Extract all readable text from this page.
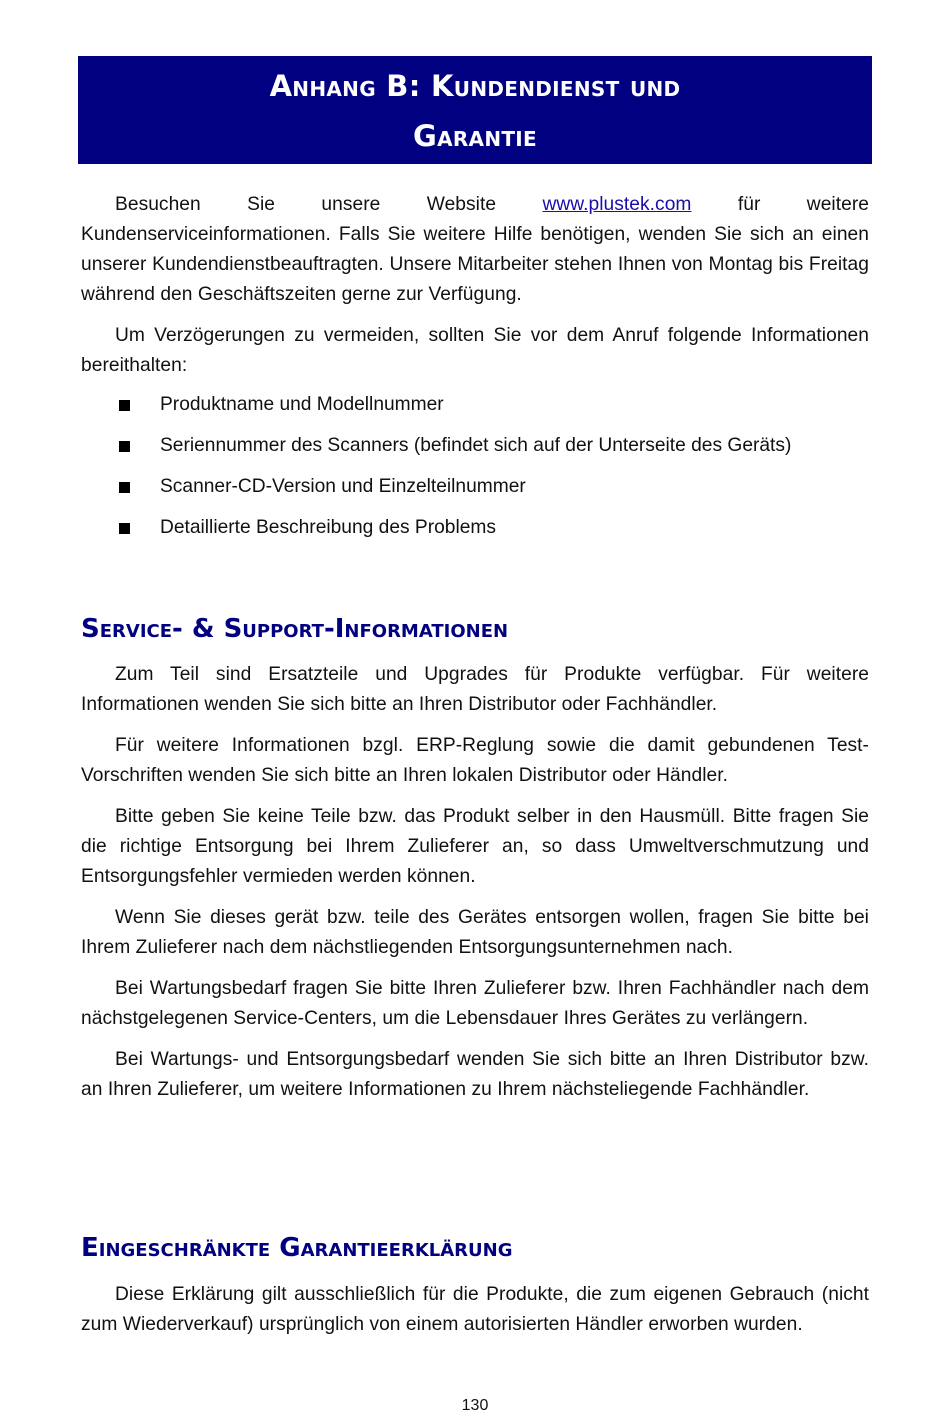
Anhang B: Kundendienst und
Garantie

Besuchen Sie unsere Website www.plustek.com für weitere Kundenserviceinformationen. Falls Sie weitere Hilfe benötigen, wenden Sie sich an einen unserer Kundendienstbeauftragten. Unsere Mitarbeiter stehen Ihnen von Montag bis Freitag während den Geschäftszeiten gerne zur Verfügung.

Um Verzögerungen zu vermeiden, sollten Sie vor dem Anruf folgende Informationen bereithalten:

Produktname und Modellnummer
Seriennummer des Scanners (befindet sich auf der Unterseite des Geräts)
Scanner-CD-Version und Einzelteilnummer
Detaillierte Beschreibung des Problems
Service- & Support-Informationen

Zum Teil sind Ersatzteile und Upgrades für Produkte verfügbar. Für weitere Informationen wenden Sie sich bitte an Ihren Distributor oder Fachhändler.

Für weitere Informationen bzgl. ERP-Reglung sowie die damit gebundenen Test-Vorschriften wenden Sie sich bitte an Ihren lokalen Distributor oder Händler.

Bitte geben Sie keine Teile bzw. das Produkt selber in den Hausmüll. Bitte fragen Sie die richtige Entsorgung bei Ihrem Zulieferer an, so dass Umweltverschmutzung und Entsorgungsfehler vermieden werden können.

Wenn Sie dieses gerät bzw. teile des Gerätes entsorgen wollen, fragen Sie bitte bei Ihrem Zulieferer nach dem nächstliegenden Entsorgungsunternehmen nach.

Bei Wartungsbedarf fragen Sie bitte Ihren Zulieferer bzw. Ihren Fachhändler nach dem nächstgelegenen Service-Centers, um die Lebensdauer Ihres Gerätes zu verlängern.

Bei Wartungs- und Entsorgungsbedarf wenden Sie sich bitte an Ihren Distributor bzw. an Ihren Zulieferer, um weitere Informationen zu Ihrem nächsteliegende Fachhändler.

Eingeschränkte Garantieerklärung

Diese Erklärung gilt ausschließlich für die Produkte, die zum eigenen Gebrauch (nicht zum Wiederverkauf) ursprünglich von einem autorisierten Händler erworben wurden.

130
